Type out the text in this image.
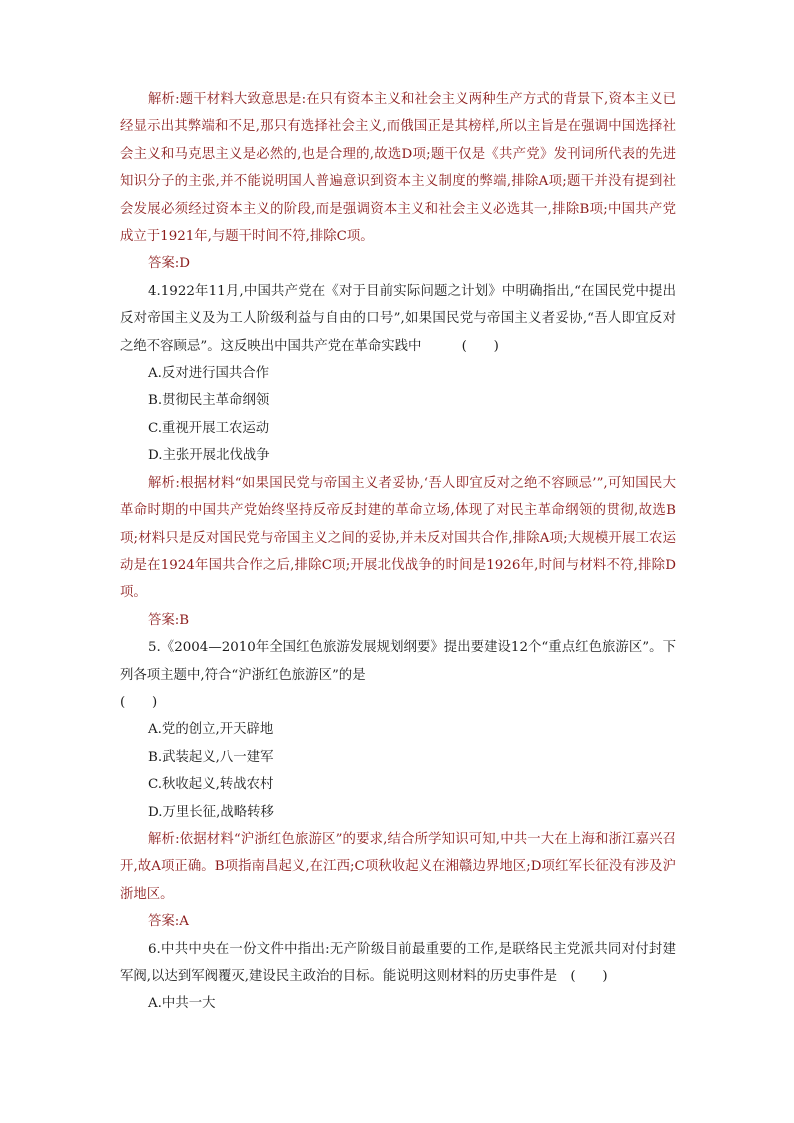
解析:题干材料大致意思是:在只有资本主义和社会主义两种生产方式的背景下,资本主义已经显示出其弊端和不足,那只有选择社会主义,而俄国正是其榜样,所以主旨是在强调中国选择社会主义和马克思主义是必然的,也是合理的,故选D项;题干仅是《共产党》发刊词所代表的先进知识分子的主张,并不能说明国人普遍意识到资本主义制度的弊端,排除A项;题干并没有提到社会发展必须经过资本主义的阶段,而是强调资本主义和社会主义必选其一,排除B项;中国共产党成立于1921年,与题干时间不符,排除C项。

答案:D

4.1922年11月,中国共产党在《对于目前实际问题之计划》中明确指出,“在国民党中提出反对帝国主义及为工人阶级利益与自由的口号”,如果国民党与帝国主义者妥协,“吾人即宜反对之绝不容顾忌”。这反映出中国共产党在革命实践中　　　(　　)

A.反对进行国共合作

B.贯彻民主革命纲领

C.重视开展工农运动

D.主张开展北伐战争

解析:根据材料“如果国民党与帝国主义者妥协,‘吾人即宜反对之绝不容顾忌’”,可知国民大革命时期的中国共产党始终坚持反帝反封建的革命立场,体现了对民主革命纲领的贯彻,故选B项;材料只是反对国民党与帝国主义之间的妥协,并未反对国共合作,排除A项;大规模开展工农运动是在1924年国共合作之后,排除C项;开展北伐战争的时间是1926年,时间与材料不符,排除D项。

答案:B

5.《2004—2010年全国红色旅游发展规划纲要》提出要建设12个“重点红色旅游区”。下列各项主题中,符合“沪浙红色旅游区”的是

(　　)

A.党的创立,开天辟地

B.武装起义,八一建军

C.秋收起义,转战农村

D.万里长征,战略转移

解析:依据材料“沪浙红色旅游区”的要求,结合所学知识可知,中共一大在上海和浙江嘉兴召开,故A项正确。B项指南昌起义,在江西;C项秋收起义在湘赣边界地区;D项红军长征没有涉及沪浙地区。

答案:A

6.中共中央在一份文件中指出:无产阶级目前最重要的工作,是联络民主党派共同对付封建军阀,以达到军阀覆灭,建设民主政治的目标。能说明这则材料的历史事件是　(　　)

A.中共一大
